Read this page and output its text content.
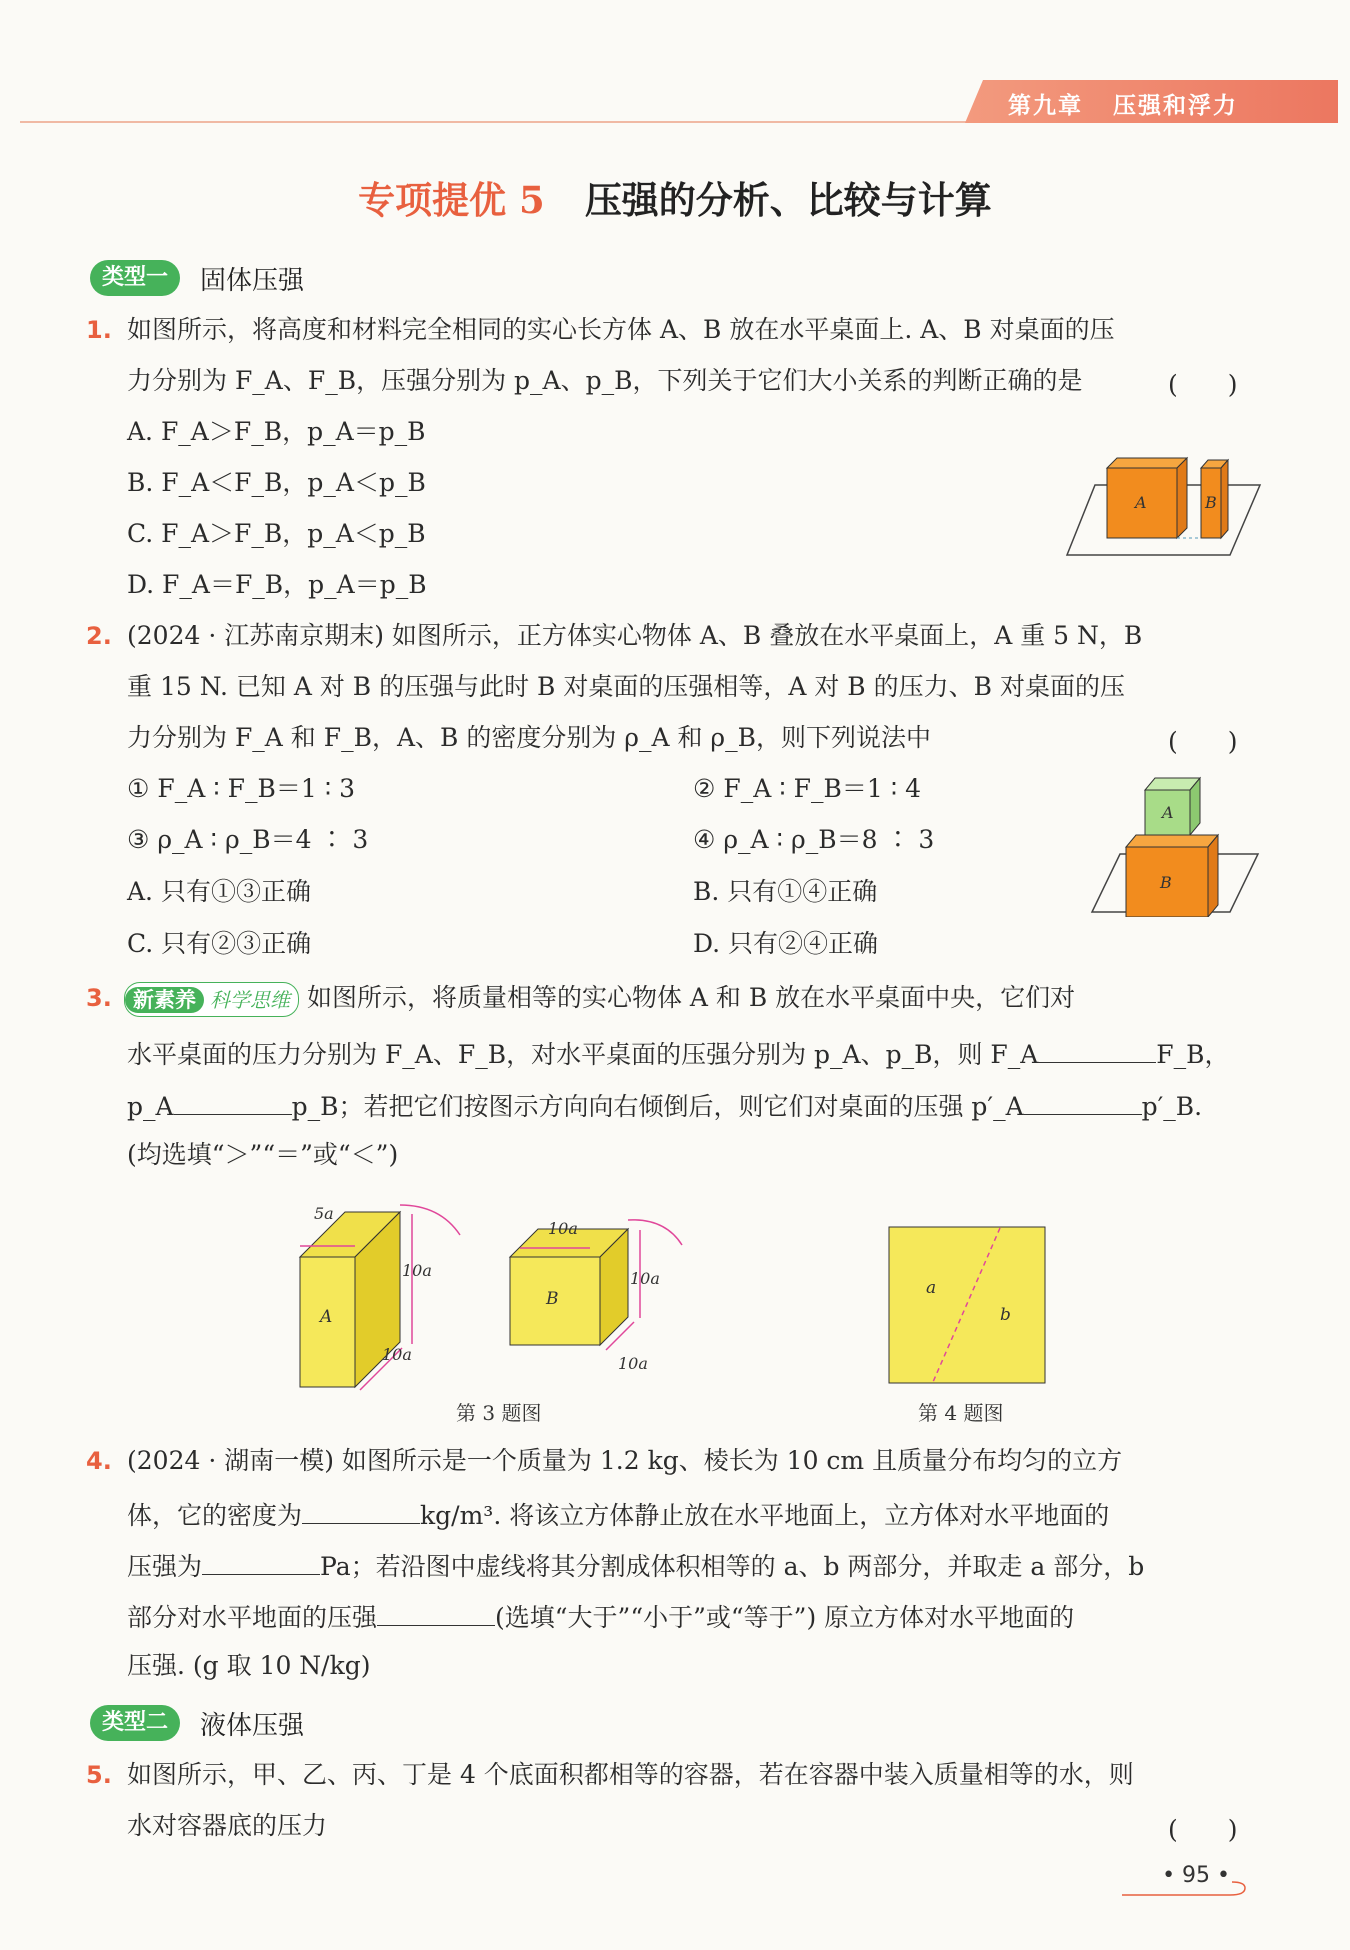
第九章 压强和浮力
专项提优 5 压强的分析、比较与计算
类型一	固体压强
1. 如图所示，将高度和材料完全相同的实心长方体 A、B 放在水平桌面上. A、B 对桌面的压
力分别为 F_A、F_B，压强分别为 p_A、p_B，下列关于它们大小关系的判断正确的是	(　　)
A. F_A＞F_B，p_A＝p_B
B. F_A＜F_B，p_A＜p_B
C. F_A＞F_B，p_A＜p_B
D. F_A＝F_B，p_A＝p_B
A	B
2. (2024 · 江苏南京期末) 如图所示，正方体实心物体 A、B 叠放在水平桌面上，A 重 5 N，B
重 15 N. 已知 A 对 B 的压强与此时 B 对桌面的压强相等，A 对 B 的压力、B 对桌面的压
力分别为 F_A 和 F_B，A、B 的密度分别为 ρ_A 和 ρ_B，则下列说法中	(　　)
① F_A ∶ F_B＝1 ∶ 3	② F_A ∶ F_B＝1 ∶ 4
③ ρ_A ∶ ρ_B＝4 ∶ 3	④ ρ_A ∶ ρ_B＝8 ∶ 3
A. 只有①③正确	B. 只有①④正确
C. 只有②③正确	D. 只有②④正确
A
B
3.	新素养 科学思维 如图所示，将质量相等的实心物体 A 和 B 放在水平桌面中央，它们对
水平桌面的压力分别为 F_A、F_B，对水平桌面的压强分别为 p_A、p_B，则 F_A	F_B，
p_A	p_B；若把它们按图示方向向右倾倒后，则它们对桌面的压强 p′_A	p′_B.
(均选填“＞”“＝”或“＜”)
A
5a
10a
10a
B
10a
10a
10a
a
b
第 3 题图	第 4 题图
4. (2024 · 湖南一模) 如图所示是一个质量为 1.2 kg、棱长为 10 cm 且质量分布均匀的立方
体，它的密度为	kg/m³. 将该立方体静止放在水平地面上，立方体对水平地面的
压强为	Pa；若沿图中虚线将其分割成体积相等的 a、b 两部分，并取走 a 部分，b
部分对水平地面的压强	(选填“大于”“小于”或“等于”) 原立方体对水平地面的
压强. (g 取 10 N/kg)
类型二	液体压强
5. 如图所示，甲、乙、丙、丁是 4 个底面积都相等的容器，若在容器中装入质量相等的水，则
水对容器底的压力	(　　)
• 95 •
